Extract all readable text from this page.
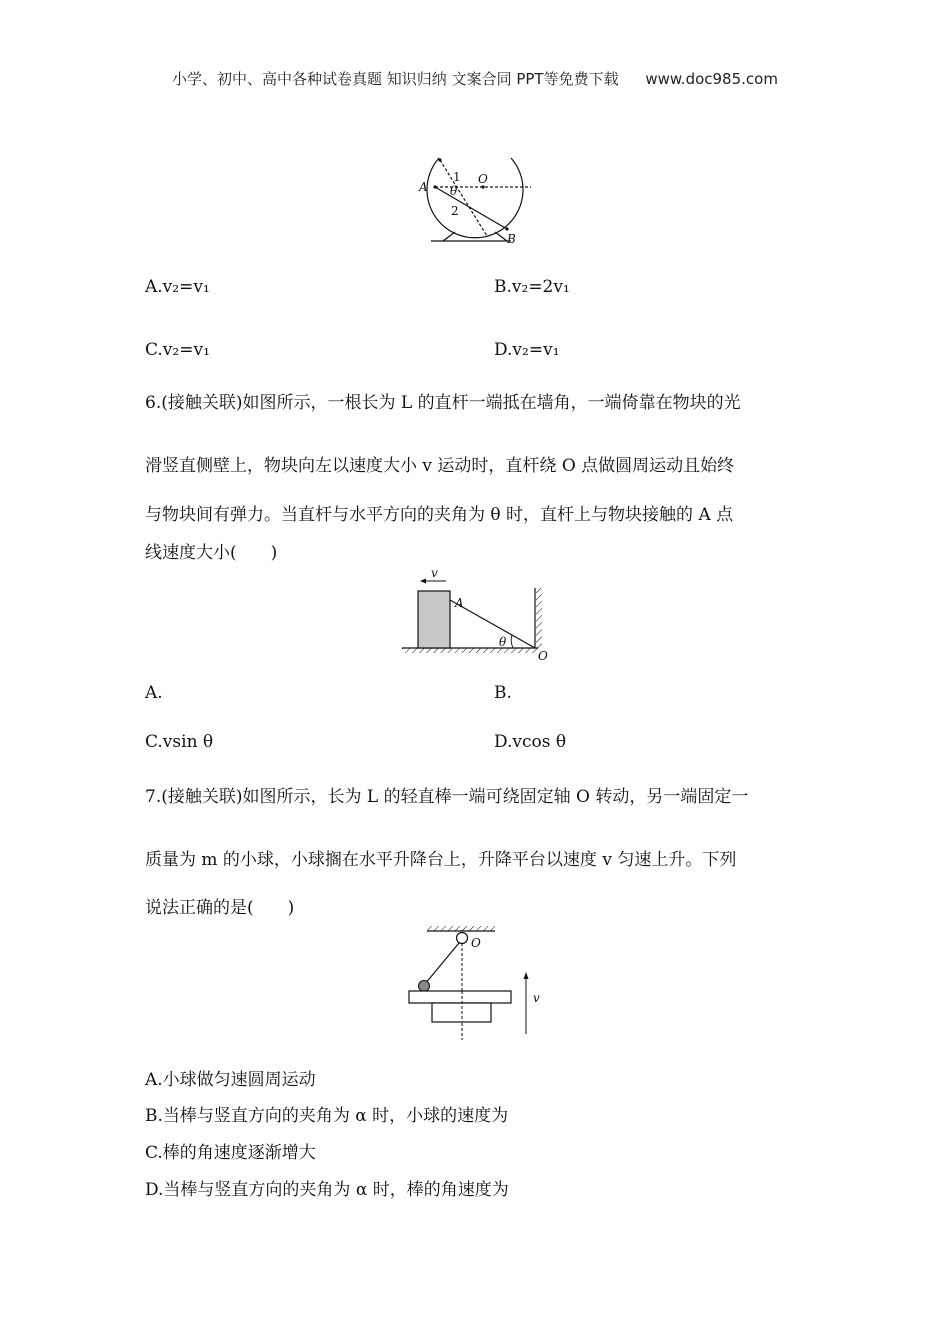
小学、初中、高中各种试卷真题 知识归纳 文案合同 PPT等免费下载 www.doc985.com
O
A
B
1
2
θ
A.v₂=v₁	B.v₂=2v₁
C.v₂=v₁	D.v₂=v₁
6.(接触关联)如图所示，一根长为 L 的直杆一端抵在墙角，一端倚靠在物块的光
滑竖直侧壁上，物块向左以速度大小 v 运动时，直杆绕 O 点做圆周运动且始终
与物块间有弹力。当直杆与水平方向的夹角为 θ 时，直杆上与物块接触的 A 点
线速度大小(　　)
v
A
θ
O
A.	B.
C.vsin θ	D.vcos θ
7.(接触关联)如图所示，长为 L 的轻直棒一端可绕固定轴 O 转动，另一端固定一
质量为 m 的小球，小球搁在水平升降台上，升降平台以速度 v 匀速上升。下列
说法正确的是(　　)
O
v
A.小球做匀速圆周运动
B.当棒与竖直方向的夹角为 α 时，小球的速度为
C.棒的角速度逐渐增大
D.当棒与竖直方向的夹角为 α 时，棒的角速度为
